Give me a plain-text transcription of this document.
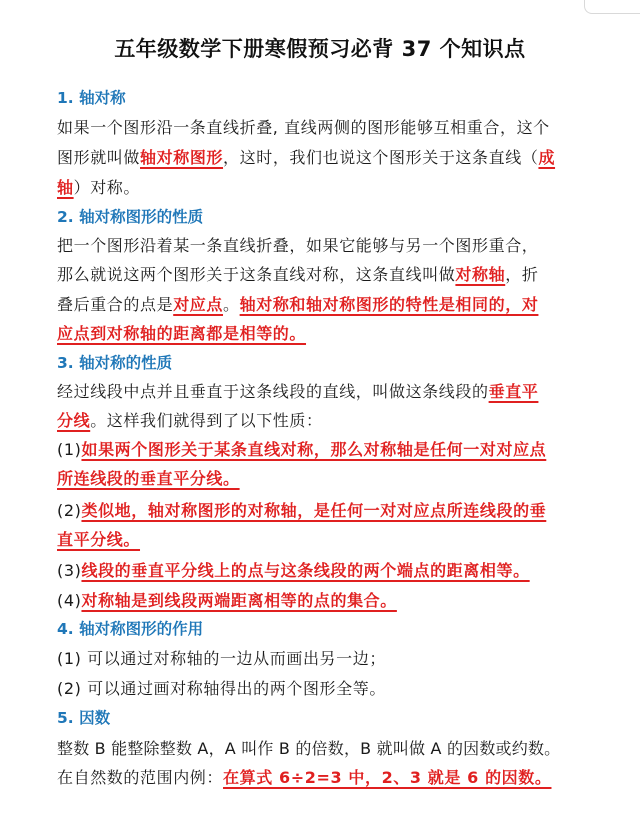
五年级数学下册寒假预习必背 37 个知识点
1. 轴对称
如果一个图形沿一条直线折叠, 直线两侧的图形能够互相重合，这个
图形就叫做轴对称图形，这时，我们也说这个图形关于这条直线（成
轴）对称。
2. 轴对称图形的性质
把一个图形沿着某一条直线折叠，如果它能够与另一个图形重合，
那么就说这两个图形关于这条直线对称，这条直线叫做对称轴，折
叠后重合的点是对应点。轴对称和轴对称图形的特性是相同的，对
应点到对称轴的距离都是相等的。
3. 轴对称的性质
经过线段中点并且垂直于这条线段的直线，叫做这条线段的垂直平
分线。这样我们就得到了以下性质：
(1)如果两个图形关于某条直线对称，那么对称轴是任何一对对应点
所连线段的垂直平分线。
(2)类似地，轴对称图形的对称轴，是任何一对对应点所连线段的垂
直平分线。
(3)线段的垂直平分线上的点与这条线段的两个端点的距离相等。
(4)对称轴是到线段两端距离相等的点的集合。
4. 轴对称图形的作用
(1) 可以通过对称轴的一边从而画出另一边；
(2) 可以通过画对称轴得出的两个图形全等。
5. 因数
整数 B 能整除整数 A，A 叫作 B 的倍数，B 就叫做 A 的因数或约数。
在自然数的范围内例：在算式 6÷2=3 中，2、3 就是 6 的因数。
